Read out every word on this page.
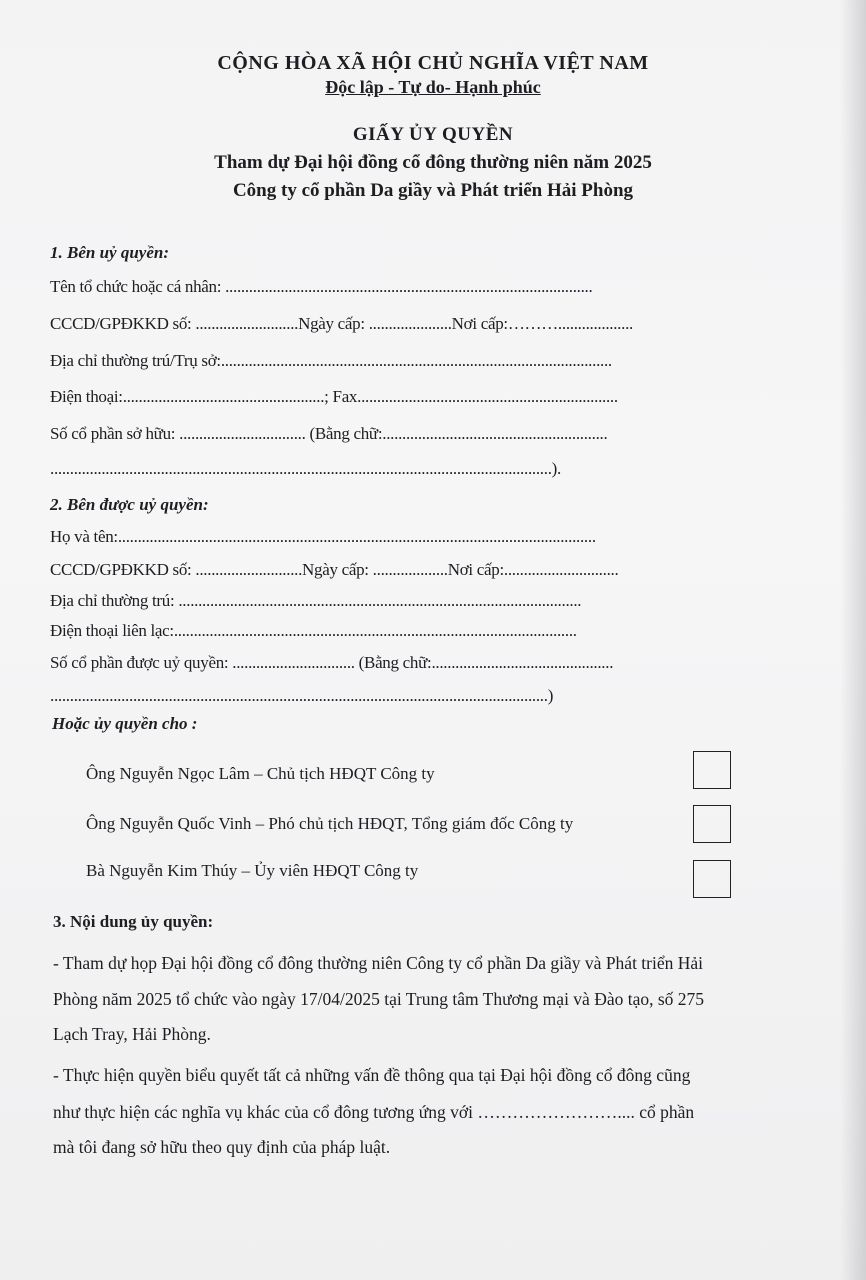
CỘNG HÒA XÃ HỘI CHỦ NGHĨA VIỆT NAM
Độc lập - Tự do- Hạnh phúc
GIẤY ỦY QUYỀN
Tham dự Đại hội đồng cổ đông thường niên năm 2025
Công ty cổ phần Da giầy và Phát triển Hải Phòng
1. Bên uỷ quyền:
Tên tổ chức hoặc cá nhân: .............................................................................................
CCCD/GPĐKKD số: ..........................Ngày cấp: .....................Nơi cấp:………...................
Địa chỉ thường trú/Trụ sở:...................................................................................................
Điện thoại:...................................................; Fax..................................................................
Số cổ phần sở hữu: ................................ (Bằng chữ:.........................................................
...............................................................................................................................).
2. Bên được uỷ quyền:
Họ và tên:.........................................................................................................................
CCCD/GPĐKKD số: ...........................Ngày cấp: ...................Nơi cấp:.............................
Địa chỉ thường trú: ......................................................................................................
Điện thoại liên lạc:......................................................................................................
Số cổ phần được uỷ quyền: ............................... (Bằng chữ:..............................................
..............................................................................................................................)
Hoặc ủy quyền cho :
Ông Nguyễn Ngọc Lâm – Chủ tịch HĐQT Công ty
Ông Nguyễn Quốc Vinh – Phó chủ tịch HĐQT, Tổng giám đốc Công ty
Bà Nguyễn Kim Thúy – Ủy viên HĐQT Công ty
3. Nội dung ủy quyền:
- Tham dự họp Đại hội đồng cổ đông thường niên Công ty cổ phần Da giầy và Phát triển Hải
Phòng năm 2025 tổ chức vào ngày 17/04/2025 tại Trung tâm Thương mại và Đào tạo, số 275
Lạch Tray, Hải Phòng.
- Thực hiện quyền biểu quyết tất cả những vấn đề thông qua tại Đại hội đồng cổ đông cũng
như thực hiện các nghĩa vụ khác của cổ đông tương ứng với …………………….... cổ phần
mà tôi đang sở hữu theo quy định của pháp luật.
